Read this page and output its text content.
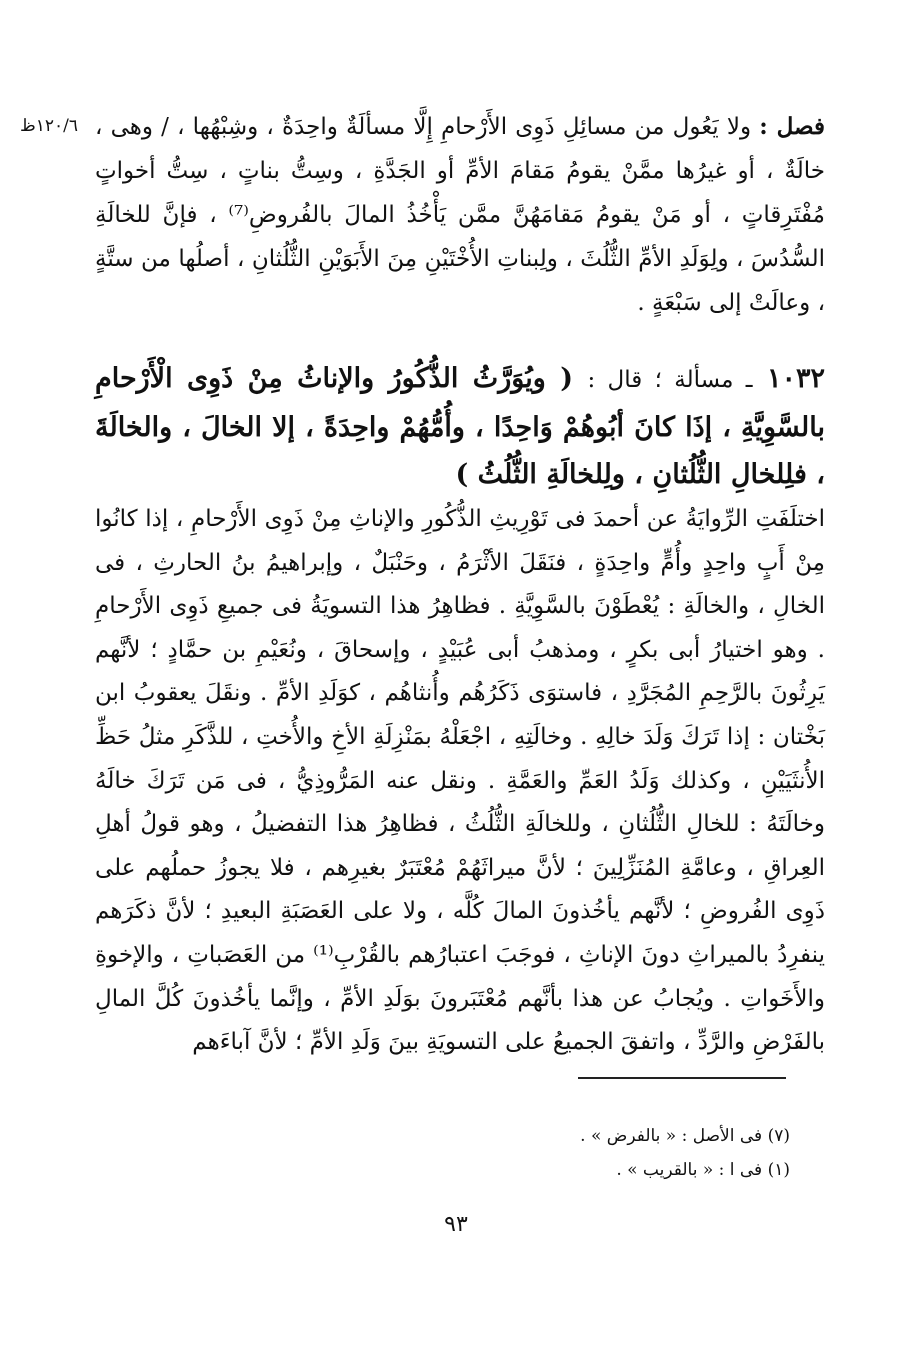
١٢٠/٦ظ	فصل : ولا يَعُول من مسائِلِ ذَوِى الأَرْحامِ إِلَّا مسألَةٌ واحِدَةٌ ، وشِبْهُها ، / وهى ، خالَةٌ ، أو غيرُها ممَّنْ يقومُ مَقامَ الأمِّ أو الجَدَّةِ ، وسِتُّ بناتٍ ، سِتُّ أخواتٍ مُفْتَرِقاتٍ ، أو مَنْ يقومُ مَقامَهُنَّ ممَّن يَأْخُذُ المالَ بالفُروضِ⁽⁷⁾ ، فإنَّ للخالَةِ السُّدُسَ ، ولِوَلَدِ الأمِّ الثُّلُثَ ، ولِبناتِ الأُخْتَيْنِ مِنَ الأَبَوَيْنِ الثُّلُثانِ ، أصلُها من ستَّةٍ ، وعالَتْ إلى سَبْعَةٍ .
١٠٣٢ ـ مسألة ؛ قال : ( ويُوَرَّثُ الذُّكُورُ والإناثُ مِنْ ذَوِى الْأَرْحامِ بالسَّوِيَّةِ ، إذَا كانَ أبُوهُمْ وَاحِدًا ، وأُمُّهُمْ واحِدَةً ، إلا الخالَ ، والخالَةَ ، فلِلخالِ الثُّلُثانِ ، ولِلخالَةِ الثُّلُثُ )
اختلَفَتِ الرِّوايَةُ عن أحمدَ فى تَوْرِيثِ الذُّكُورِ والإناثِ مِنْ ذَوِى الأَرْحامِ ، إذا كانُوا مِنْ أَبٍ واحِدٍ وأُمٍّ واحِدَةٍ ، فنَقَلَ الأثْرَمُ ، وحَنْبَلٌ ، وإبراهيمُ بنُ الحارثِ ، فى الخالِ ، والخالَةِ : يُعْطَوْنَ بالسَّوِيَّةِ . فظاهِرُ هذا التسويَةُ فى جميعِ ذَوِى الأَرْحامِ . وهو اختيارُ أبى بكرٍ ، ومذهبُ أبى عُبَيْدٍ ، وإسحاقَ ، ونُعَيْمِ بن حمَّادٍ ؛ لأنَّهم يَرِثُونَ بالرَّحِمِ المُجَرَّدِ ، فاستوَى ذَكَرُهُم وأُنثاهُم ، كوَلَدِ الأمِّ . ونقَلَ يعقوبُ ابن بَخْتان : إذا تَرَكَ وَلَدَ خالِهِ . وخالَتِهِ ، اجْعَلْهُ بمَنْزِلَةِ الأخِ والأُختِ ، للذَّكَرِ مثلُ حَظِّ الأُنثَيَيْنِ ، وكذلك وَلَدُ العَمِّ والعَمَّةِ . ونقل عنه المَرُّوذِيُّ ، فى مَن تَرَكَ خالَهُ وخالَتَهُ : للخالِ الثُّلُثانِ ، وللخالَةِ الثُّلُثُ ، فظاهِرُ هذا التفضيلُ ، وهو قولُ أهلِ العِراقِ ، وعامَّةِ المُنَزِّلِينَ ؛ لأنَّ ميراثَهُمْ مُعْتَبَرٌ بغيرِهم ، فلا يجوزُ حملُهم على ذَوِى الفُروضِ ؛ لأنَّهم يأخُذونَ المالَ كُلَّه ، ولا على العَصَبَةِ البعيدِ ؛ لأنَّ ذكَرَهم ينفرِدُ بالميراثِ دونَ الإناثِ ، فوجَبَ اعتبارُهم بالقُرْبِ⁽¹⁾ من العَصَباتِ ، والإخوةِ والأَخَواتِ . ويُجابُ عن هذا بأنَّهم مُعْتَبَرونَ بوَلَدِ الأمِّ ، وإنَّما يأخُذونَ كُلَّ المالِ بالفَرْضِ والرَّدِّ ، واتفقَ الجميعُ على التسويَةِ بينَ وَلَدِ الأمِّ ؛ لأنَّ آباءَهم
(٧) فى الأصل : « بالفرض » .
(١) فى ا : « بالقريب » .
٩٣
